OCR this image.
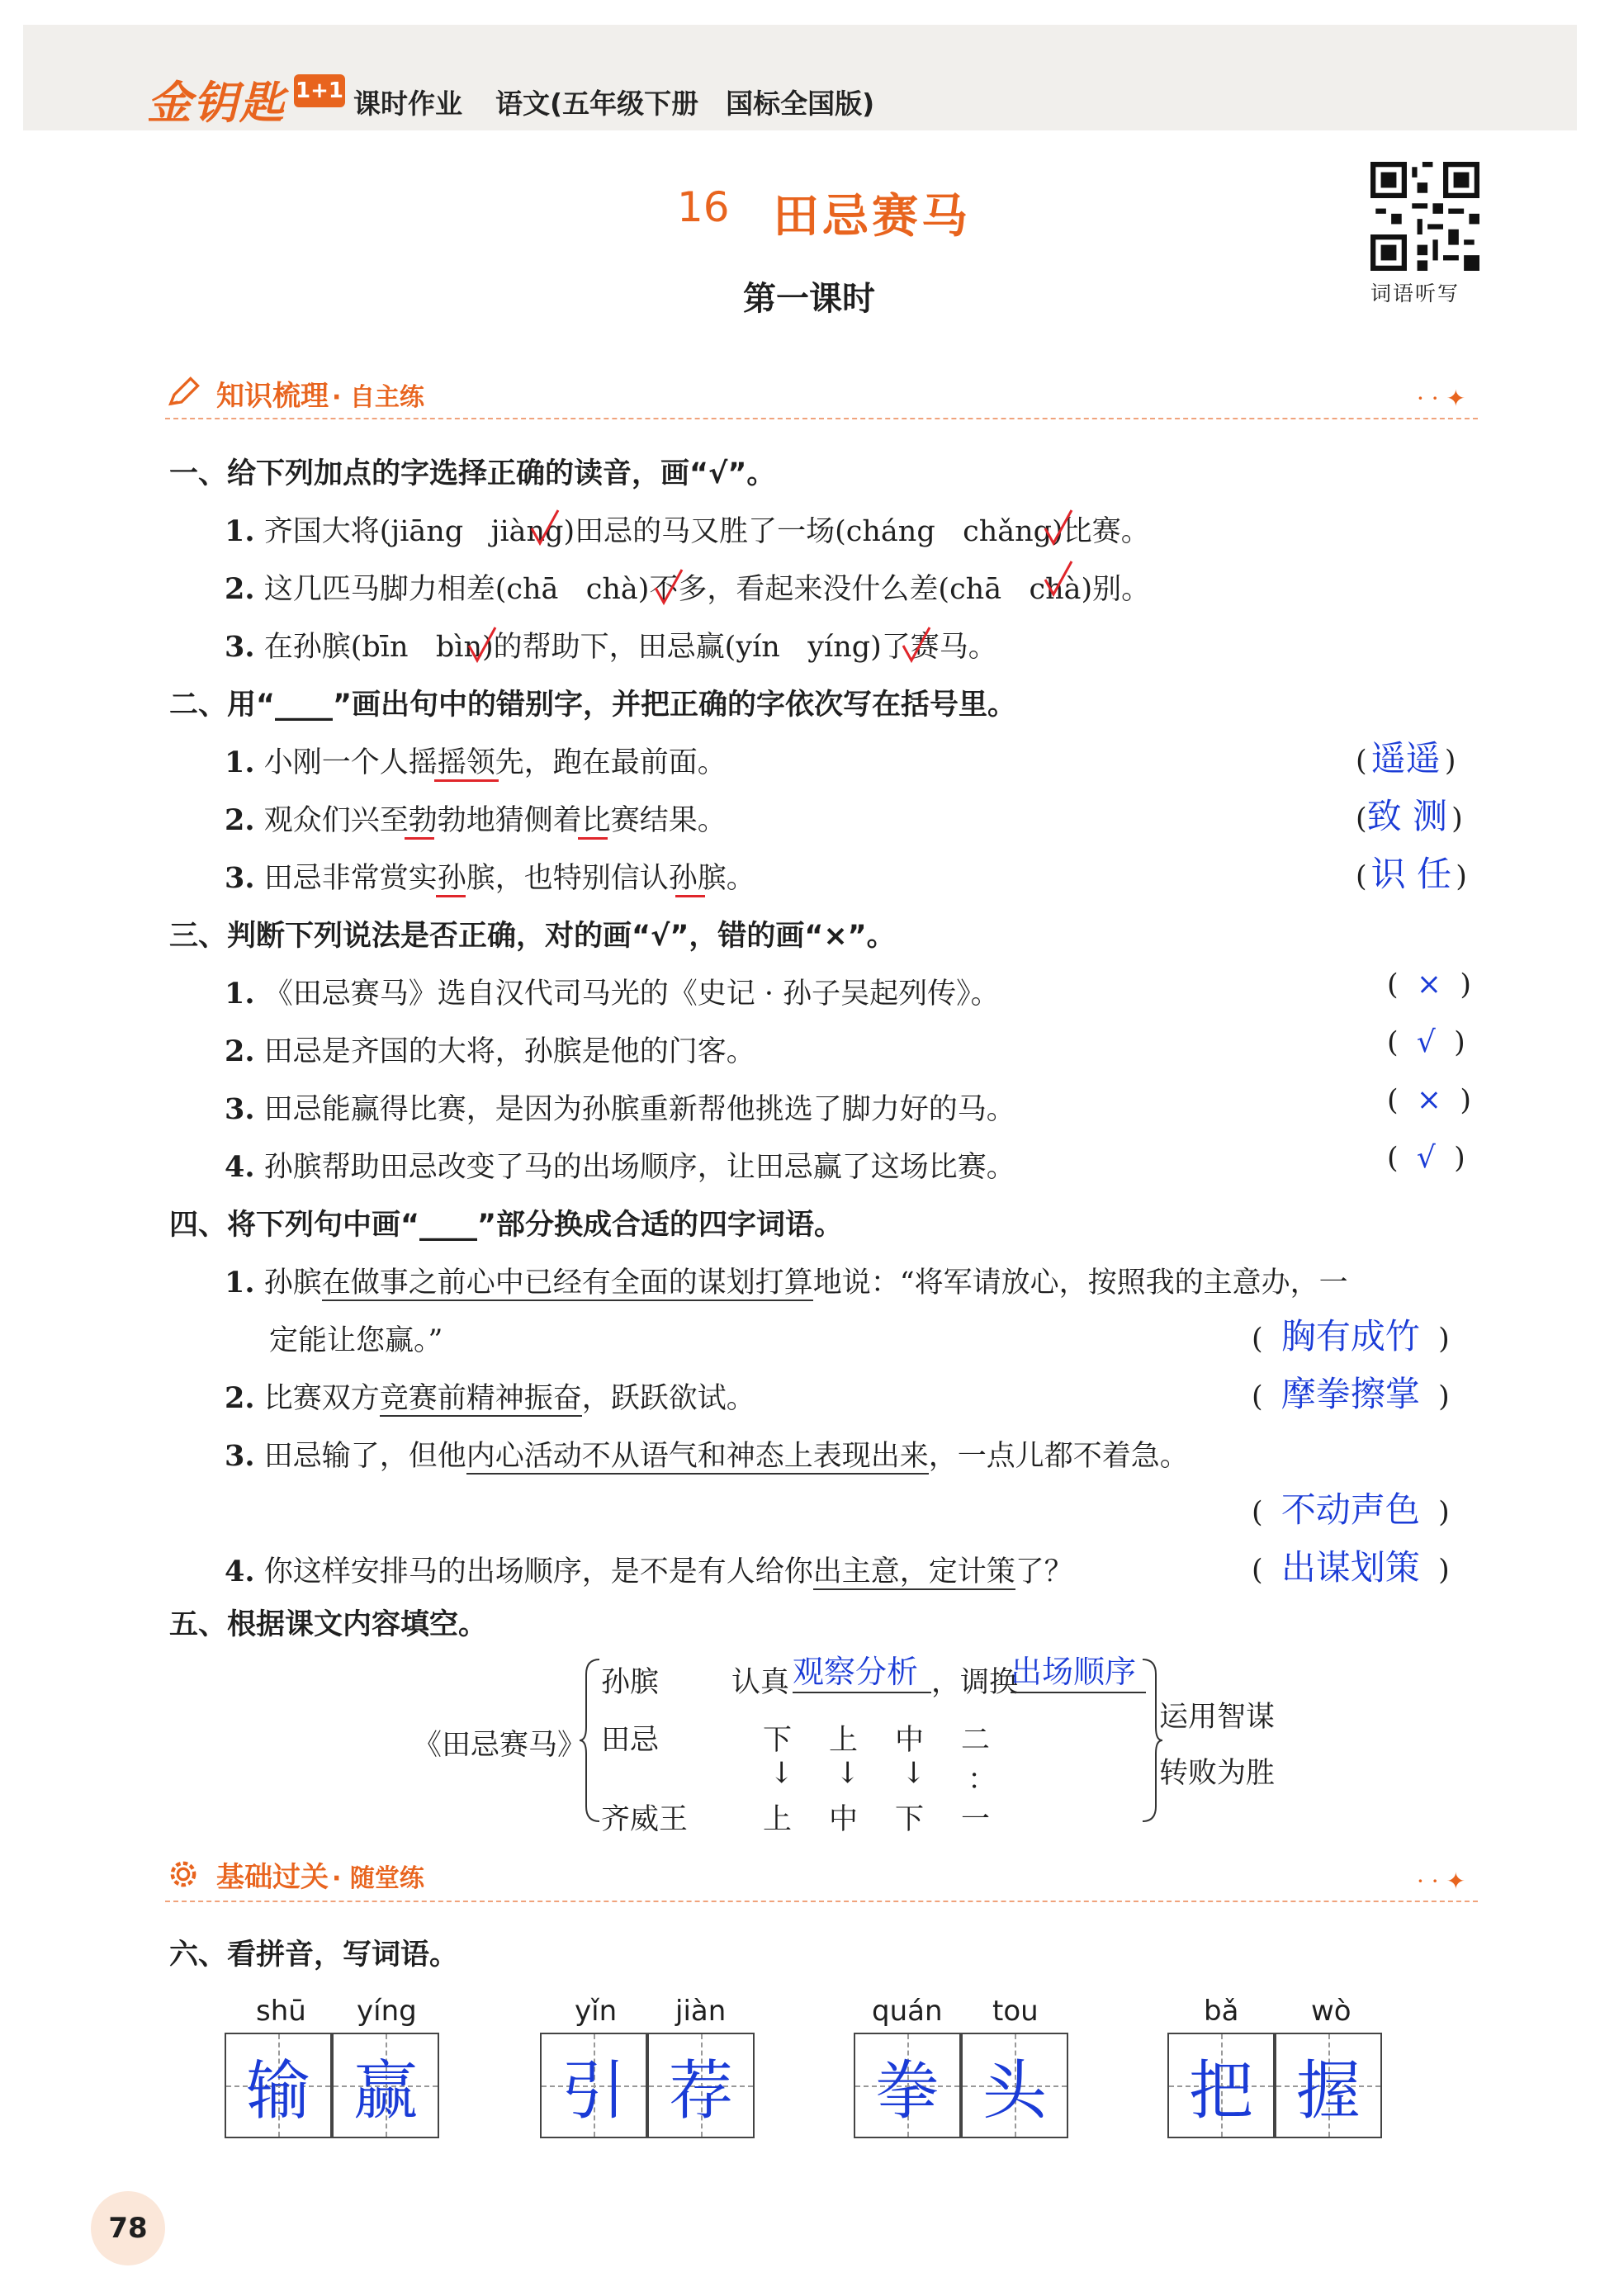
金钥匙 1+1 课时作业 语文(五年级下册　国标全国版)
16 田忌赛马
第一课时	词语听写
知识梳理 · 自主练	· · ✦
一、给下列加点的字选择正确的读音，画“√”。
1. 齐国大将(jiāng jiàng)田忌的马又胜了一场(cháng chǎng)比赛。
2. 这几匹马脚力相差(chā chà)不多，看起来没什么差(chā chà)别。
3. 在孙膑(bīn bìn)的帮助下，田忌赢(yín yíng)了赛马。
二、用“____”画出句中的错别字，并把正确的字依次写在括号里。
1. 小刚一个人摇摇领先，跑在最前面。	( 遥遥 )
2. 观众们兴至勃勃地猜侧着比赛结果。	(致 测 )
3. 田忌非常赏实孙膑，也特别信认孙膑。	( 识 任 )
三、判断下列说法是否正确，对的画“√”，错的画“×”。
1. 《田忌赛马》选自汉代司马光的《史记 · 孙子吴起列传》。	(  ×  )
2. 田忌是齐国的大将，孙膑是他的门客。	(  √  )
3. 田忌能赢得比赛，是因为孙膑重新帮他挑选了脚力好的马。	(  ×  )
4. 孙膑帮助田忌改变了马的出场顺序，让田忌赢了这场比赛。	(  √  )
四、将下列句中画“____”部分换成合适的四字词语。
1. 孙膑在做事之前心中已经有全面的谋划打算地说：“将军请放心，按照我的主意办，一
定能让您赢。”	(  胸有成竹  )
2. 比赛双方竞赛前精神振奋，跃跃欲试。	(  摩拳擦掌  )
3. 田忌输了，但他内心活动不从语气和神态上表现出来，一点儿都不着急。
(  不动声色  )
4. 你这样安排马的出场顺序，是不是有人给你出主意，定计策了？	(  出谋划策  )
五、根据课文内容填空。
《田忌赛马》
孙膑
田忌
齐威王
认真 观察分析 ，调换
出场顺序
下 上 中 二
↓ ↓ ↓ ：
上 中 下 一
运用智谋
转败为胜
基础过关 · 随堂练	· · ✦
六、看拼音，写词语。
shū yíng
输 赢
yǐn jiàn
引 荐
quán tou
拳 头
bǎ	wò
把 握
78
